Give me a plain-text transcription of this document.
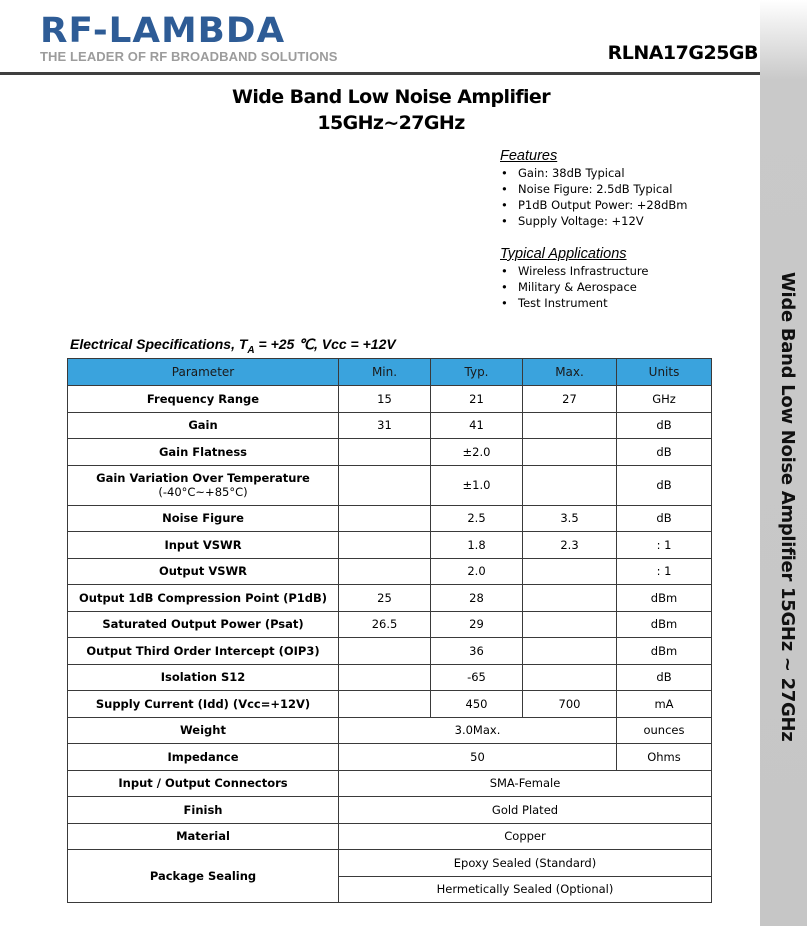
RF-LAMBDA
THE LEADER OF RF BROADBAND SOLUTIONS	RLNA17G25GB
Wide Band Low Noise Amplifier 15GHz ~ 27GHz
Wide Band Low Noise Amplifier
15GHz~27GHz
Features
• Gain: 38dB Typical
• Noise Figure: 2.5dB Typical
• P1dB Output Power: +28dBm
• Supply Voltage: +12V
Typical Applications
• Wireless Infrastructure
• Military & Aerospace
• Test Instrument
Electrical Specifications, $T_A = +25$ ℃, Vcc = +12V
Parameter	Min.	Typ.	Max.	Units
Frequency Range	15	21	27	GHz
Gain	31	41		dB
Gain Flatness		±2.0		dB
Gain Variation Over Temperature
(-40°C~+85°C)		±1.0		dB
Noise Figure		2.5	3.5	dB
Input VSWR		1.8	2.3	: 1
Output VSWR		2.0		: 1
Output 1dB Compression Point (P1dB)	25	28		dBm
Saturated Output Power (Psat)	26.5	29		dBm
Output Third Order Intercept (OIP3)		36		dBm
Isolation S12		-65		dB
Supply Current (Idd) (Vcc=+12V)		450	700	mA
Weight	3.0Max.			ounces
Impedance	50			Ohms
Input / Output Connectors	SMA-Female			
Finish	Gold Plated			
Material	Copper			
Package Sealing	Epoxy Sealed (Standard)			
	Hermetically Sealed (Optional)			
